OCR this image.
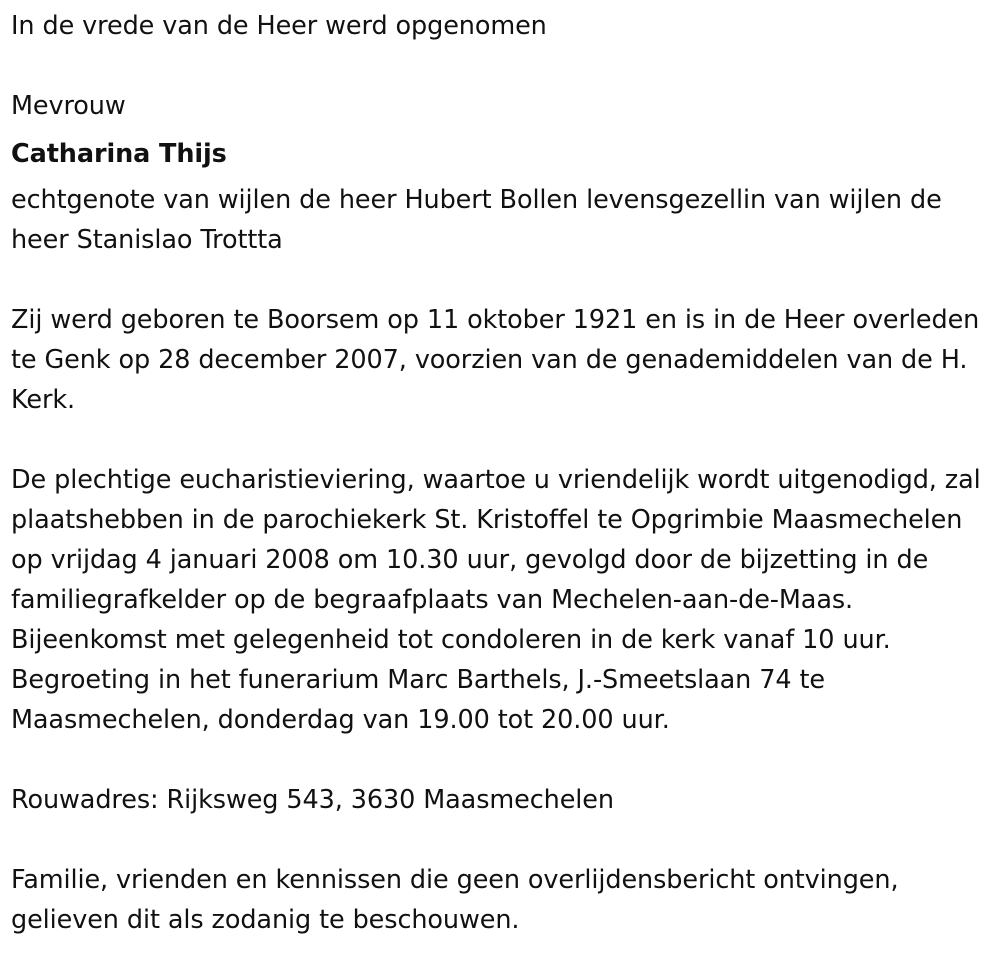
In de vrede van de Heer werd opgenomen

Mevrouw

Catharina Thijs

echtgenote van wijlen de heer Hubert Bollen levensgezellin van wijlen de heer Stanislao Trottta

Zij werd geboren te Boorsem op 11 oktober 1921 en is in de Heer overleden te Genk op 28 december 2007, voorzien van de genademiddelen van de H. Kerk.

De plechtige eucharistieviering, waartoe u vriendelijk wordt uitgenodigd, zal plaatshebben in de parochiekerk St. Kristoffel te Opgrimbie Maasmechelen op vrijdag 4 januari 2008 om 10.30 uur, gevolgd door de bijzetting in de familiegrafkelder op de begraafplaats van Mechelen-aan-de-Maas. Bijeenkomst met gelegenheid tot condoleren in de kerk vanaf 10 uur. Begroeting in het funerarium Marc Barthels, J.-Smeetslaan 74 te Maasmechelen, donderdag van 19.00 tot 20.00 uur.

Rouwadres: Rijksweg 543, 3630 Maasmechelen

Familie, vrienden en kennissen die geen overlijdensbericht ontvingen, gelieven dit als zodanig te beschouwen.
